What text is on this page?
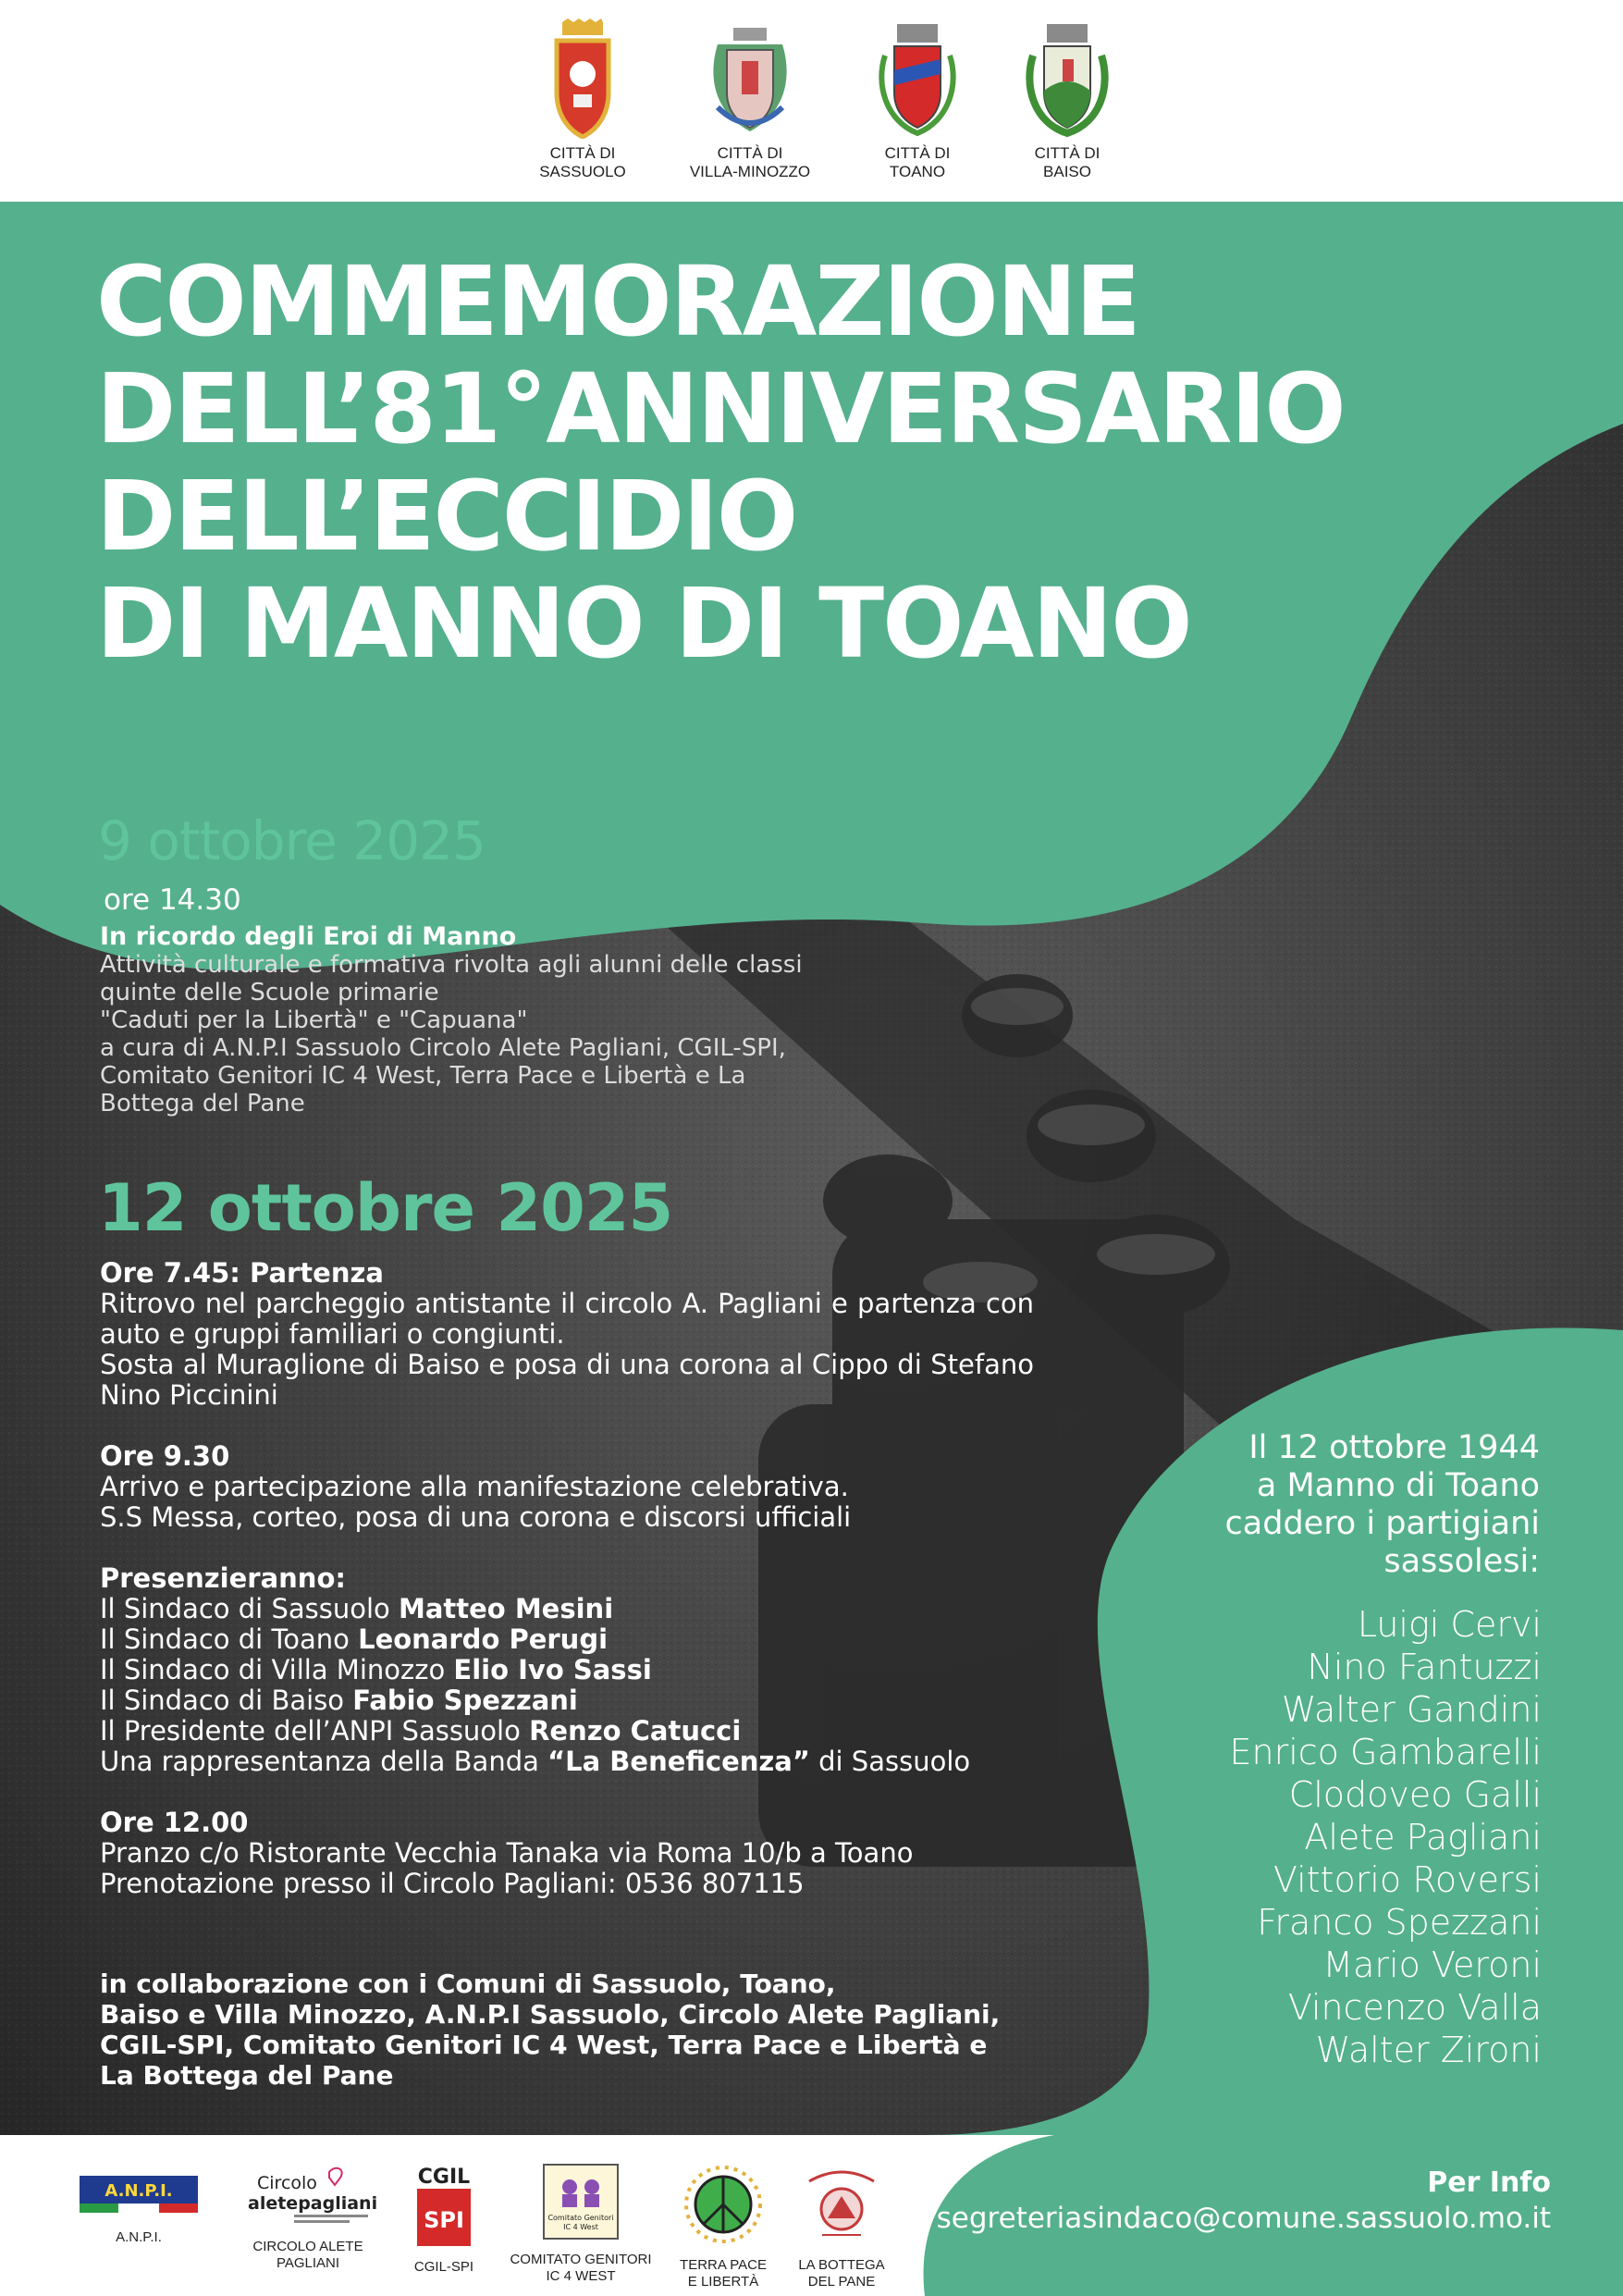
CITTÀ DI
SASSUOLO
CITTÀ DI
VILLA-MINOZZO
CITTÀ DI
TOANO
CITTÀ DI
BAISO
COMMEMORAZIONE
DELL’81°ANNIVERSARIO
DELL’ECCIDIO
DI MANNO DI TOANO
9 ottobre 2025
ore 14.30
In ricordo degli Eroi di Manno
Attività culturale e formativa rivolta agli alunni delle classi
quinte delle Scuole primarie
"Caduti per la Libertà" e "Capuana"
a cura di A.N.P.I Sassuolo Circolo Alete Pagliani, CGIL-SPI,
Comitato Genitori IC 4 West, Terra Pace e Libertà e La
Bottega del Pane
12 ottobre 2025
Ore 7.45: Partenza
Ritrovo nel parcheggio antistante il circolo A. Pagliani e partenza con auto e gruppi familiari o congiunti.
Sosta al Muraglione di Baiso e posa di una corona al Cippo di Stefano Nino Piccinini
Ore 9.30
Arrivo e partecipazione alla manifestazione celebrativa.
S.S Messa, corteo, posa di una corona e discorsi ufficiali
Presenzieranno:
Il Sindaco di Sassuolo Matteo Mesini
Il Sindaco di Toano Leonardo Perugi
Il Sindaco di Villa Minozzo Elio Ivo Sassi
Il Sindaco di Baiso Fabio Spezzani
Il Presidente dell’ANPI Sassuolo Renzo Catucci
Una rappresentanza della Banda “La Beneficenza” di Sassuolo
Ore 12.00
Pranzo c/o Ristorante Vecchia Tanaka via Roma 10/b a Toano
Prenotazione presso il Circolo Pagliani: 0536 807115
in collaborazione con i Comuni di Sassuolo, Toano,
Baiso e Villa Minozzo, A.N.P.I Sassuolo, Circolo Alete Pagliani,
CGIL-SPI, Comitato Genitori IC 4 West, Terra Pace e Libertà e
La Bottega del Pane
Il 12 ottobre 1944
a Manno di Toano
caddero i partigiani
sassolesi:
Luigi Cervi
Nino Fantuzzi
Walter Gandini
Enrico Gambarelli
Clodoveo Galli
Alete Pagliani
Vittorio Roversi
Franco Spezzani
Mario Veroni
Vincenzo Valla
Walter Zironi
A.N.P.I.
A.N.P.I.
Circolo
aletepagliani
CIRCOLO ALETE
PAGLIANI
CGIL
SPI
CGIL-SPI
Comitato Genitori
IC 4 West
COMITATO GENITORI
IC 4 WEST
TERRA PACE
E LIBERTÀ
LA BOTTEGA
DEL PANE
Per Info
segreteriasindaco@comune.sassuolo.mo.it
